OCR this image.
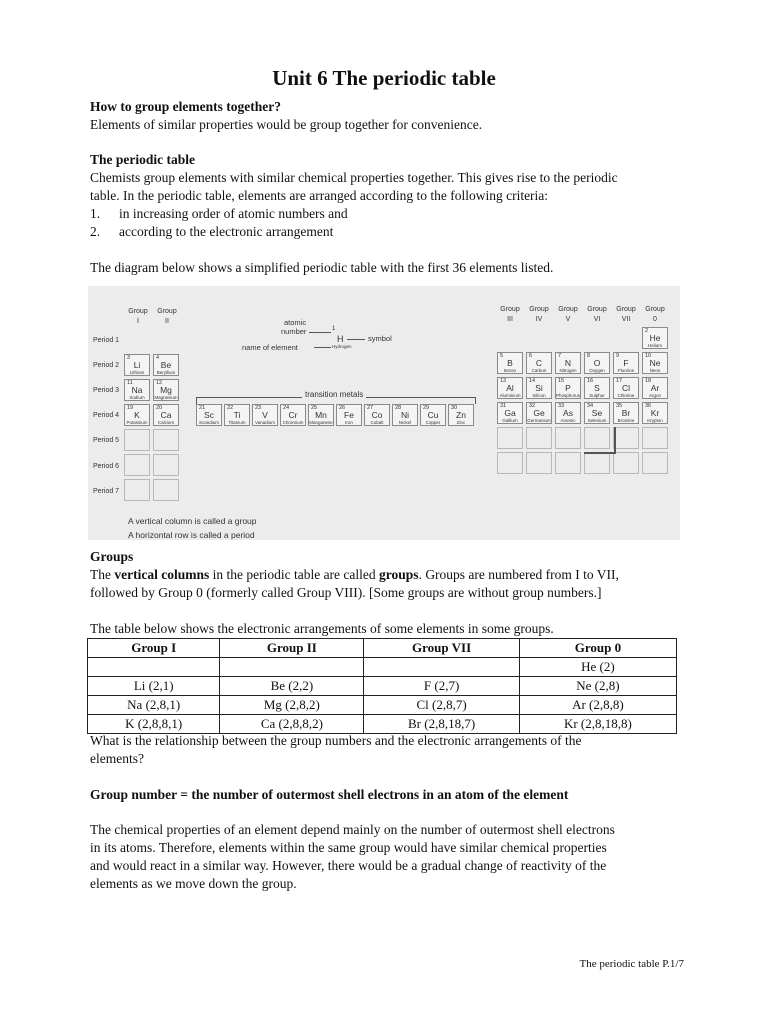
Unit 6 The periodic table
How to group elements together?
Elements of similar properties would be group together for convenience.
The periodic table
Chemists group elements with similar chemical properties together. This gives rise to the periodic
table. In the periodic table, elements are arranged according to the following criteria:
1. in increasing order of atomic numbers and
2. according to the electronic arrangement
The diagram below shows a simplified periodic table with the first 36 elements listed.
Group
I
Group
II
Group
III
Group
IV
Group
V
Group
VI
Group
VII
Group
0
Period 1
Period 2
Period 3
Period 4
Period 5
Period 6
Period 7
atomic
number	1
H	symbol
Hydrogen
name of element
transition metals
3
Li
Lithium
4
Be
Beryllium
11
Na
Sodium
12
Mg
Magnesium
19
K
Potassium
20
Ca
Calcium
21
Sc
Scandium
22
Ti
Titanium
23
V
Vanadium
24
Cr
Chromium
25
Mn
Manganese
26
Fe
Iron
27
Co
Cobalt
28
Ni
Nickel
29
Cu
Copper
30
Zn
Zinc
2
He
Helium
5
B
Boron
6
C
Carbon
7
N
Nitrogen
8
O
Oxygen
9
F
Fluorine
10
Ne
Neon
13
Al
Aluminium
14
Si
Silicon
15
P
Phosphorus
16
S
Sulphur
17
Cl
Chlorine
18
Ar
Argon
31
Ga
Gallium
32
Ge
Germanium
33
As
Arsenic
34
Se
Selenium
35
Br
Bromine
36
Kr
Krypton
A vertical column is called a group
A horizontal row is called a period
Groups
The vertical columns in the periodic table are called groups. Groups are numbered from I to VII,
followed by Group 0 (formerly called Group VIII). [Some groups are without group numbers.]
The table below shows the electronic arrangements of some elements in some groups.
Group I	Group II	Group VII	Group 0
			He (2)
Li (2,1)	Be (2,2)	F (2,7)	Ne (2,8)
Na (2,8,1)	Mg (2,8,2)	Cl (2,8,7)	Ar (2,8,8)
K (2,8,8,1)	Ca (2,8,8,2)	Br (2,8,18,7)	Kr (2,8,18,8)
What is the relationship between the group numbers and the electronic arrangements of the
elements?
Group number = the number of outermost shell electrons in an atom of the element
The chemical properties of an element depend mainly on the number of outermost shell electrons
in its atoms. Therefore, elements within the same group would have similar chemical properties
and would react in a similar way. However, there would be a gradual change of reactivity of the
elements as we move down the group.
The periodic table P.1/7
